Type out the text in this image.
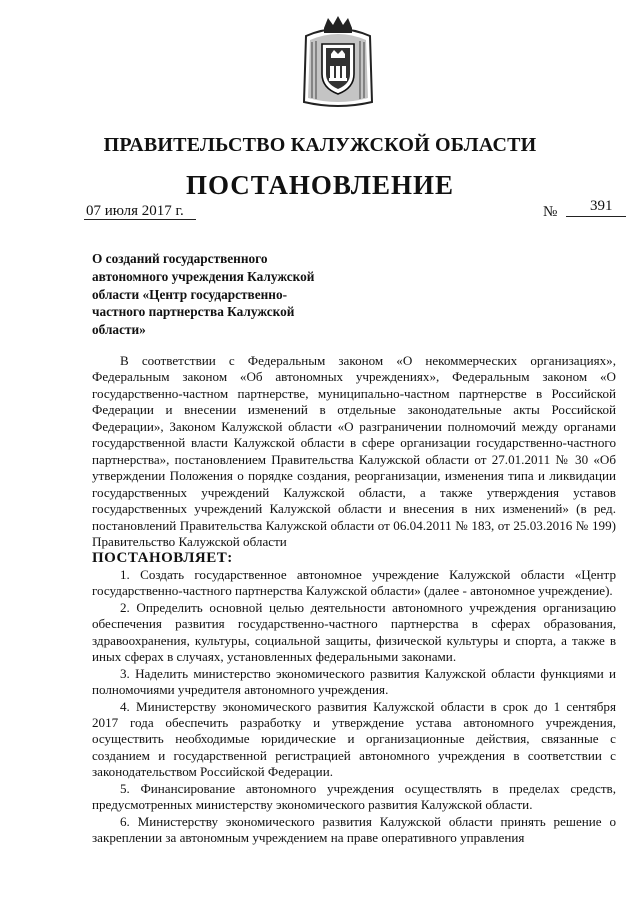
ПРАВИТЕЛЬСТВО КАЛУЖСКОЙ ОБЛАСТИ
ПОСТАНОВЛЕНИЕ
07 июля 2017 г.	№ 391
О созданий государственного
автономного учреждения Калужской
области «Центр государственно-
частного партнерства Калужской
области»

В соответствии с Федеральным законом «О некоммерческих организациях», Федеральным законом «Об автономных учреждениях», Федеральным законом «О государственно-частном партнерстве, муниципально-частном партнерстве в Российской Федерации и внесении изменений в отдельные законодательные акты Российской Федерации», Законом Калужской области «О разграничении полномочий между органами государственной власти Калужской области в сфере организации государственно-частного партнерства», постановлением Правительства Калужской области от 27.01.2011 № 30 «Об утверждении Положения о порядке создания, реорганизации, изменения типа и ликвидации государственных учреждений Калужской области, а также утверждения уставов государственных учреждений Калужской области и внесения в них изменений» (в ред. постановлений Правительства Калужской области от 06.04.2011 № 183, от 25.03.2016 № 199) Правительство Калужской области

ПОСТАНОВЛЯЕТ:

1. Создать государственное автономное учреждение Калужской области «Центр государственно-частного партнерства Калужской области» (далее - автономное учреждение).

2. Определить основной целью деятельности автономного учреждения организацию обеспечения развития государственно-частного партнерства в сферах образования, здравоохранения, культуры, социальной защиты, физической культуры и спорта, а также в иных сферах в случаях, установленных федеральными законами.

3. Наделить министерство экономического развития Калужской области функциями и полномочиями учредителя автономного учреждения.

4. Министерству экономического развития Калужской области в срок до 1 сентября 2017 года обеспечить разработку и утверждение устава автономного учреждения, осуществить необходимые юридические и организационные действия, связанные с созданием и государственной регистрацией автономного учреждения в соответствии с законодательством Российской Федерации.

5. Финансирование автономного учреждения осуществлять в пределах средств, предусмотренных министерству экономического развития Калужской области.

6. Министерству экономического развития Калужской области принять решение о закреплении за автономным учреждением на праве оперативного управления
